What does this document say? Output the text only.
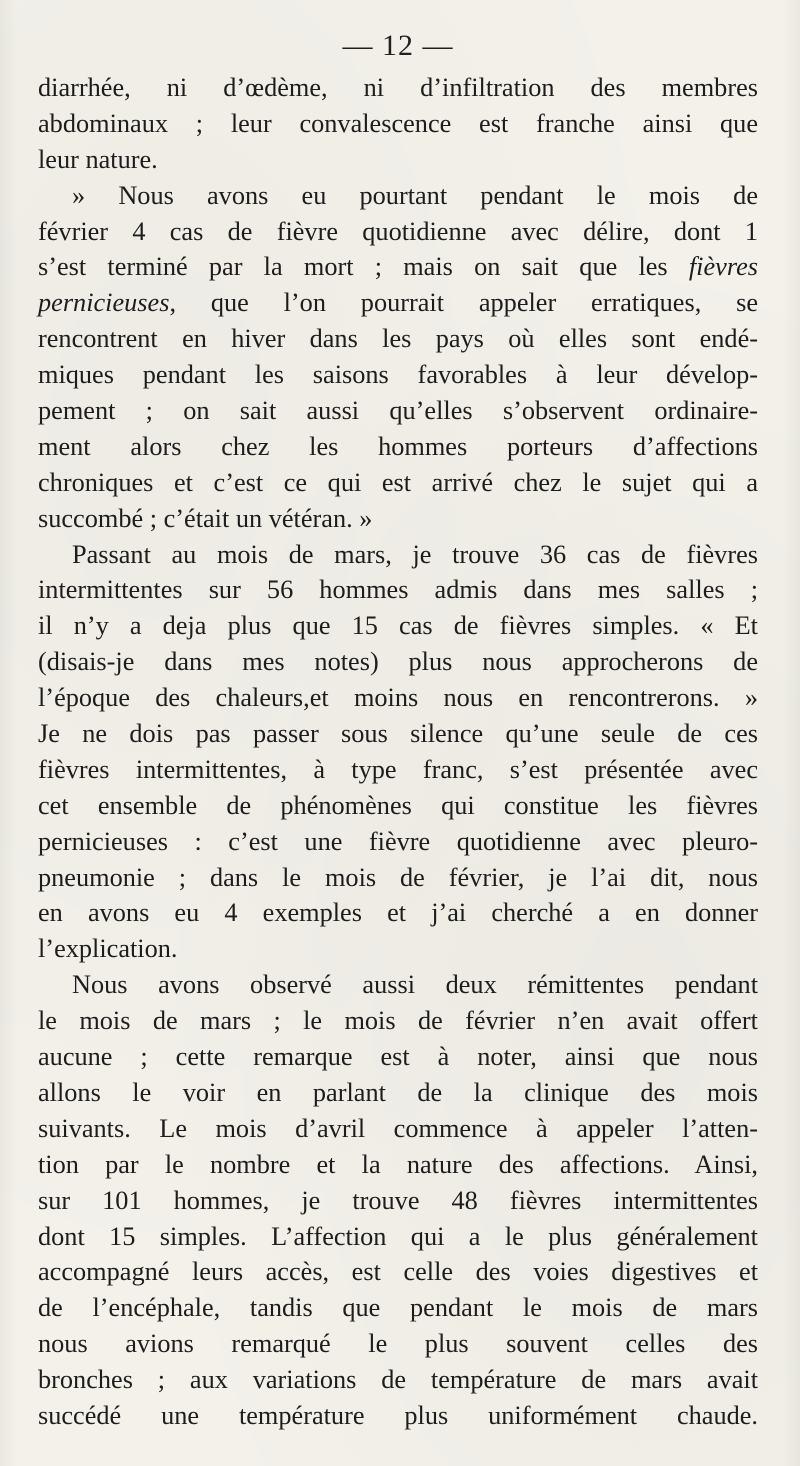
— 12 —
diarrhée, ni d’œdème, ni d’infiltration des membres
abdominaux ; leur convalescence est franche ainsi que
leur nature.
» Nous avons eu pourtant pendant le mois de
février 4 cas de fièvre quotidienne avec délire, dont 1
s’est terminé par la mort ; mais on sait que les fièvres
pernicieuses, que l’on pourrait appeler erratiques, se
rencontrent en hiver dans les pays où elles sont endé-
miques pendant les saisons favorables à leur dévelop-
pement ; on sait aussi qu’elles s’observent ordinaire-
ment alors chez les hommes porteurs d’affections
chroniques et c’est ce qui est arrivé chez le sujet qui a
succombé ; c’était un vétéran. »
Passant au mois de mars, je trouve 36 cas de fièvres
intermittentes sur 56 hommes admis dans mes salles ;
il n’y a deja plus que 15 cas de fièvres simples. « Et
(disais-je dans mes notes) plus nous approcherons de
l’époque des chaleurs,et moins nous en rencontrerons. »
Je ne dois pas passer sous silence qu’une seule de ces
fièvres intermittentes, à type franc, s’est présentée avec
cet ensemble de phénomènes qui constitue les fièvres
pernicieuses : c’est une fièvre quotidienne avec pleuro-
pneumonie ; dans le mois de février, je l’ai dit, nous
en avons eu 4 exemples et j’ai cherché a en donner
l’explication.
Nous avons observé aussi deux rémittentes pendant
le mois de mars ; le mois de février n’en avait offert
aucune ; cette remarque est à noter, ainsi que nous
allons le voir en parlant de la clinique des mois
suivants. Le mois d’avril commence à appeler l’atten-
tion par le nombre et la nature des affections. Ainsi,
sur 101 hommes, je trouve 48 fièvres intermittentes
dont 15 simples. L’affection qui a le plus généralement
accompagné leurs accès, est celle des voies digestives et
de l’encéphale, tandis que pendant le mois de mars
nous avions remarqué le plus souvent celles des
bronches ; aux variations de température de mars avait
succédé une température plus uniformément chaude.
